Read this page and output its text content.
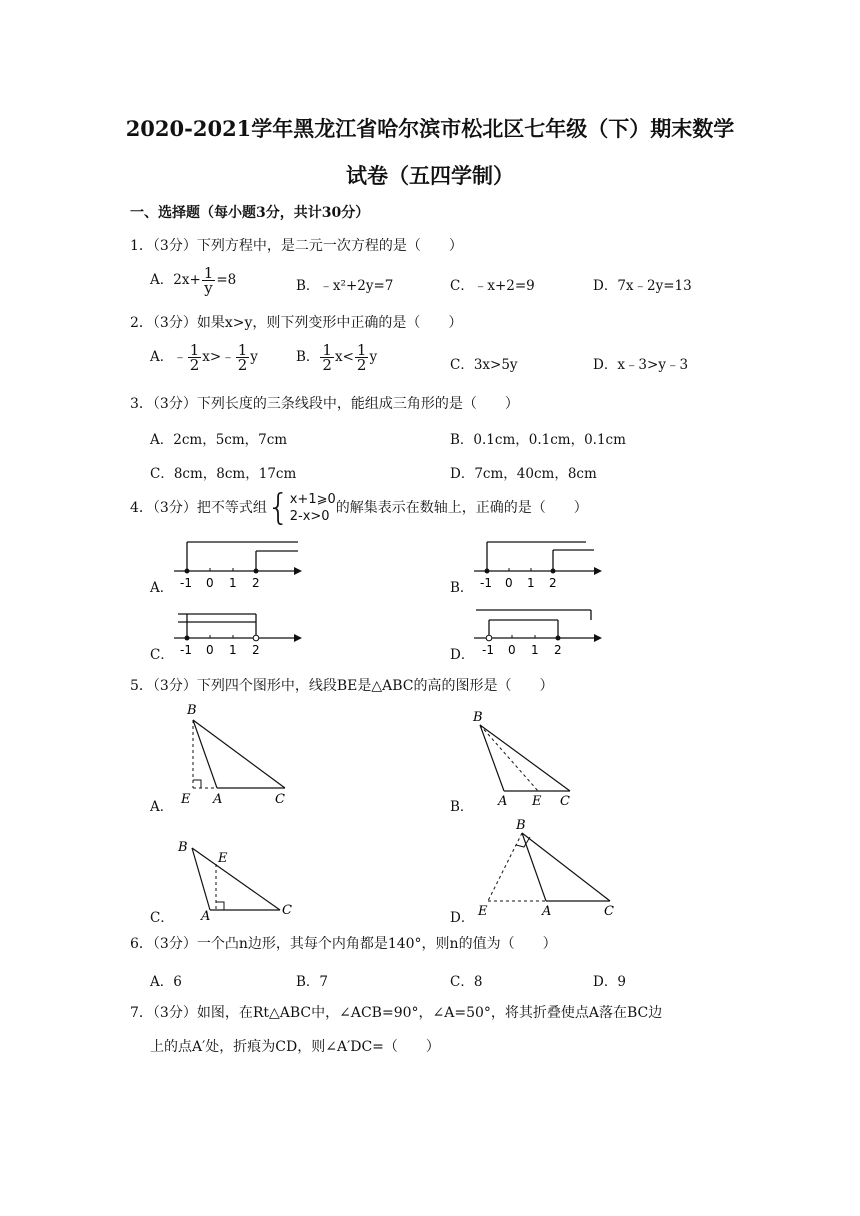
2020-2021学年黑龙江省哈尔滨市松北区七年级（下）期末数学
试卷（五四学制）
一、选择题（每小题3分，共计30分）
1．（3分）下列方程中，是二元一次方程的是（　　）
A．$2x+ \frac{1}{y} =8$	B．﹣x²+2y=7	C．﹣x+2=9	D．7x﹣2y=13
2．（3分）如果x>y，则下列变形中正确的是（　　）
A．﹣ $\frac{1}{2}$ x>﹣ $\frac{1}{2}$ y	B． $\frac{1}{2} x< \frac{1}{2}$ y	C．3x>5y	D．x﹣3>y﹣3
3．（3分）下列长度的三条线段中，能组成三角形的是（　　）
A．2cm，5cm，7cm	B．0.1cm，0.1cm，0.1cm
C．8cm，8cm，17cm	D．7cm，40cm，8cm
4．（3分）把不等式组{ x+1⩾0
2-x>0
的解集表示在数轴上，正确的是（　　）
A．	B．
C．	D．
-1 0 1 2	-1 0 1 2
-1 0 1 2	-1 0 1 2
5．（3分）下列四个图形中，线段BE是△ABC的高的图形是（　　）
A．	B．
C．	D．
B
E A	C
B
A E C
B
E
A	C
B
E	A	C
6．（3分）一个凸n边形，其每个内角都是140°，则n的值为（　　）
A．6	B．7	C．8	D．9
7．（3分）如图，在Rt△ABC中，∠ACB=90°，∠A=50°，将其折叠使点A落在BC边
上的点A′处，折痕为CD，则∠A′DC=（　　）
